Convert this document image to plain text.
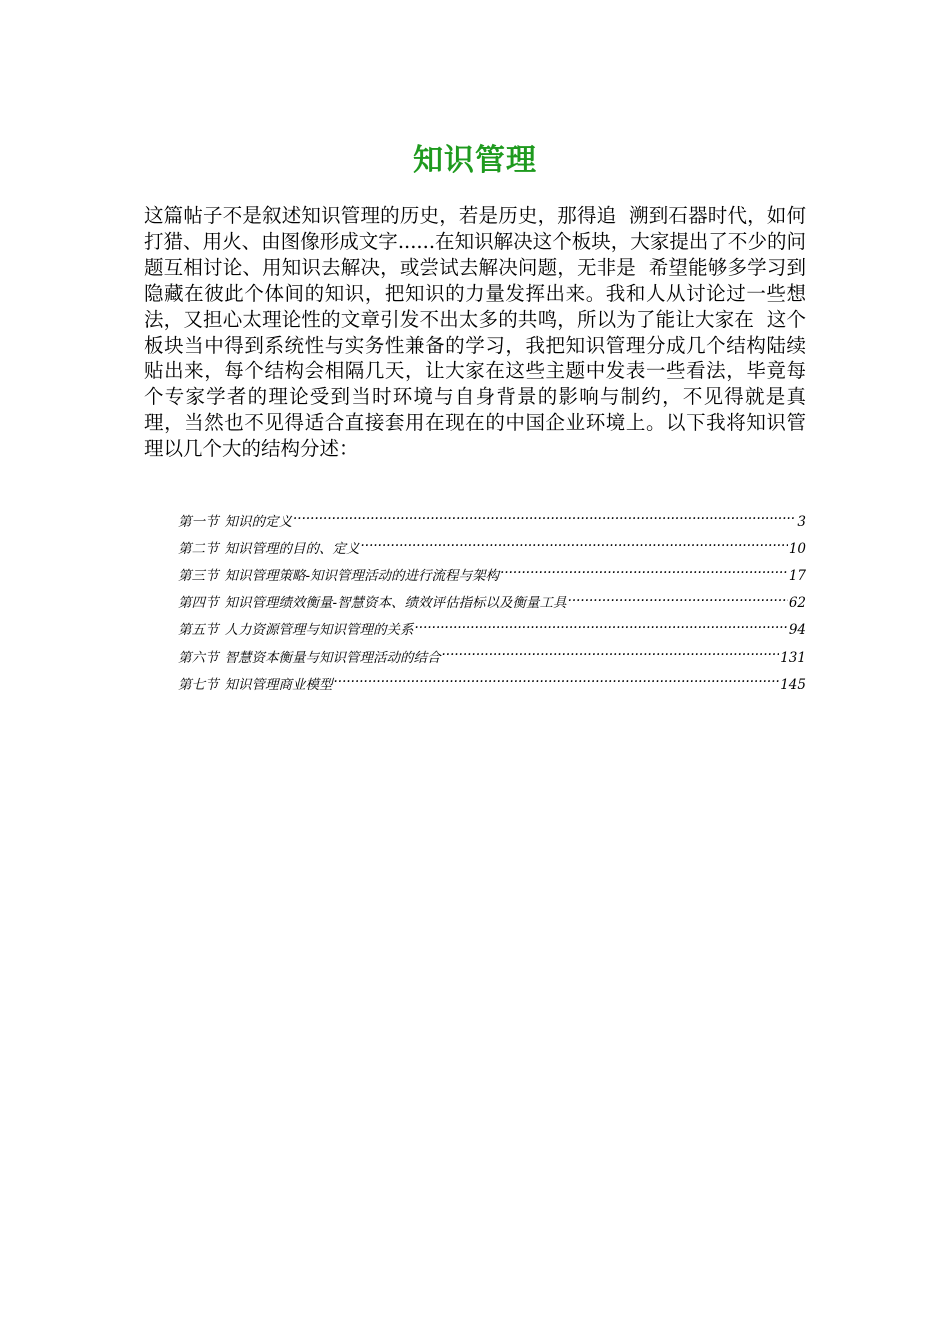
知识管理

这篇帖子不是叙述知识管理的历史，若是历史，那得追  溯到石器时代，如何打猎、用火、由图像形成文字......在知识解决这个板块，大家提出了不少的问题互相讨论、用知识去解决，或尝试去解决问题，无非是  希望能够多学习到隐藏在彼此个体间的知识，把知识的力量发挥出来。我和人从讨论过一些想法，又担心太理论性的文章引发不出太多的共鸣，所以为了能让大家在  这个板块当中得到系统性与实务性兼备的学习，我把知识管理分成几个结构陆续贴出来，每个结构会相隔几天，让大家在这些主题中发表一些看法，毕竟每个专家学者的理论受到当时环境与自身背景的影响与制约，不见得就是真理，当然也不见得适合直接套用在现在的中国企业环境上。以下我将知识管理以几个大的结构分述：

第一节 知识的定义 .....	3
第二节 知识管理的目的、定义 .....	10
第三节 知识管理策略-知识管理活动的进行流程与架构 .....	17
第四节 知识管理绩效衡量-智慧资本、绩效评估指标以及衡量工具 .....	62
第五节 人力资源管理与知识管理的关系 .....	94
第六节 智慧资本衡量与知识管理活动的结合 .....	131
第七节 知识管理商业模型 .....	145
